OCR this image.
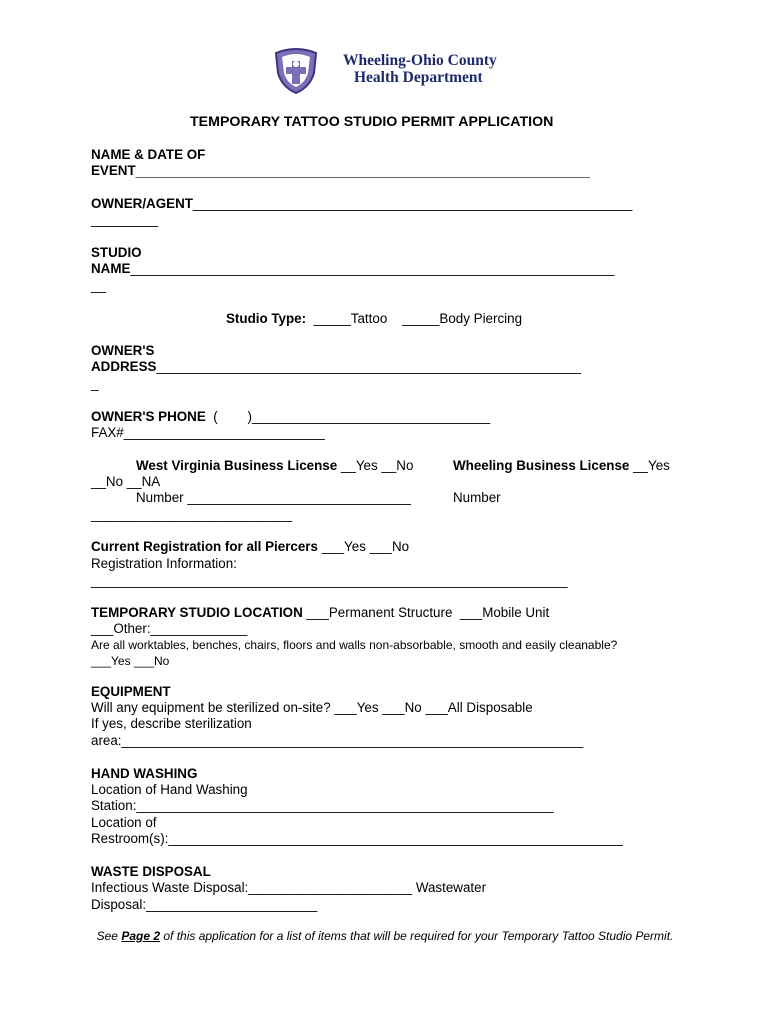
Wheeling-Ohio County
Health Department
TEMPORARY TATTOO STUDIO PERMIT APPLICATION
NAME & DATE OF
EVENT_____________________________________________________________
OWNER/AGENT___________________________________________________________
_________
STUDIO
NAME_________________________________________________________________
__
Studio Type: _____Tattoo _____Body Piercing
OWNER'S
ADDRESS_________________________________________________________
_
OWNER'S PHONE (        )________________________________
FAX#___________________________
West Virginia Business License __Yes __No	Wheeling Business License __Yes
__No __NA
Number ______________________________	Number
___________________________
Current Registration for all Piercers ___Yes ___No
Registration Information:
________________________________________________________________
TEMPORARY STUDIO LOCATION ___Permanent Structure  ___Mobile Unit
___Other:_____________
Are all worktables, benches, chairs, floors and walls non-absorbable, smooth and easily cleanable?
___Yes ___No
EQUIPMENT
Will any equipment be sterilized on-site? ___Yes ___No ___All Disposable
If yes, describe sterilization
area:______________________________________________________________
HAND WASHING
Location of Hand Washing
Station:________________________________________________________
Location of
Restroom(s):_____________________________________________________________
WASTE DISPOSAL
Infectious Waste Disposal:______________________ Wastewater
Disposal:_______________________
See Page 2 of this application for a list of items that will be required for your Temporary Tattoo Studio Permit.
